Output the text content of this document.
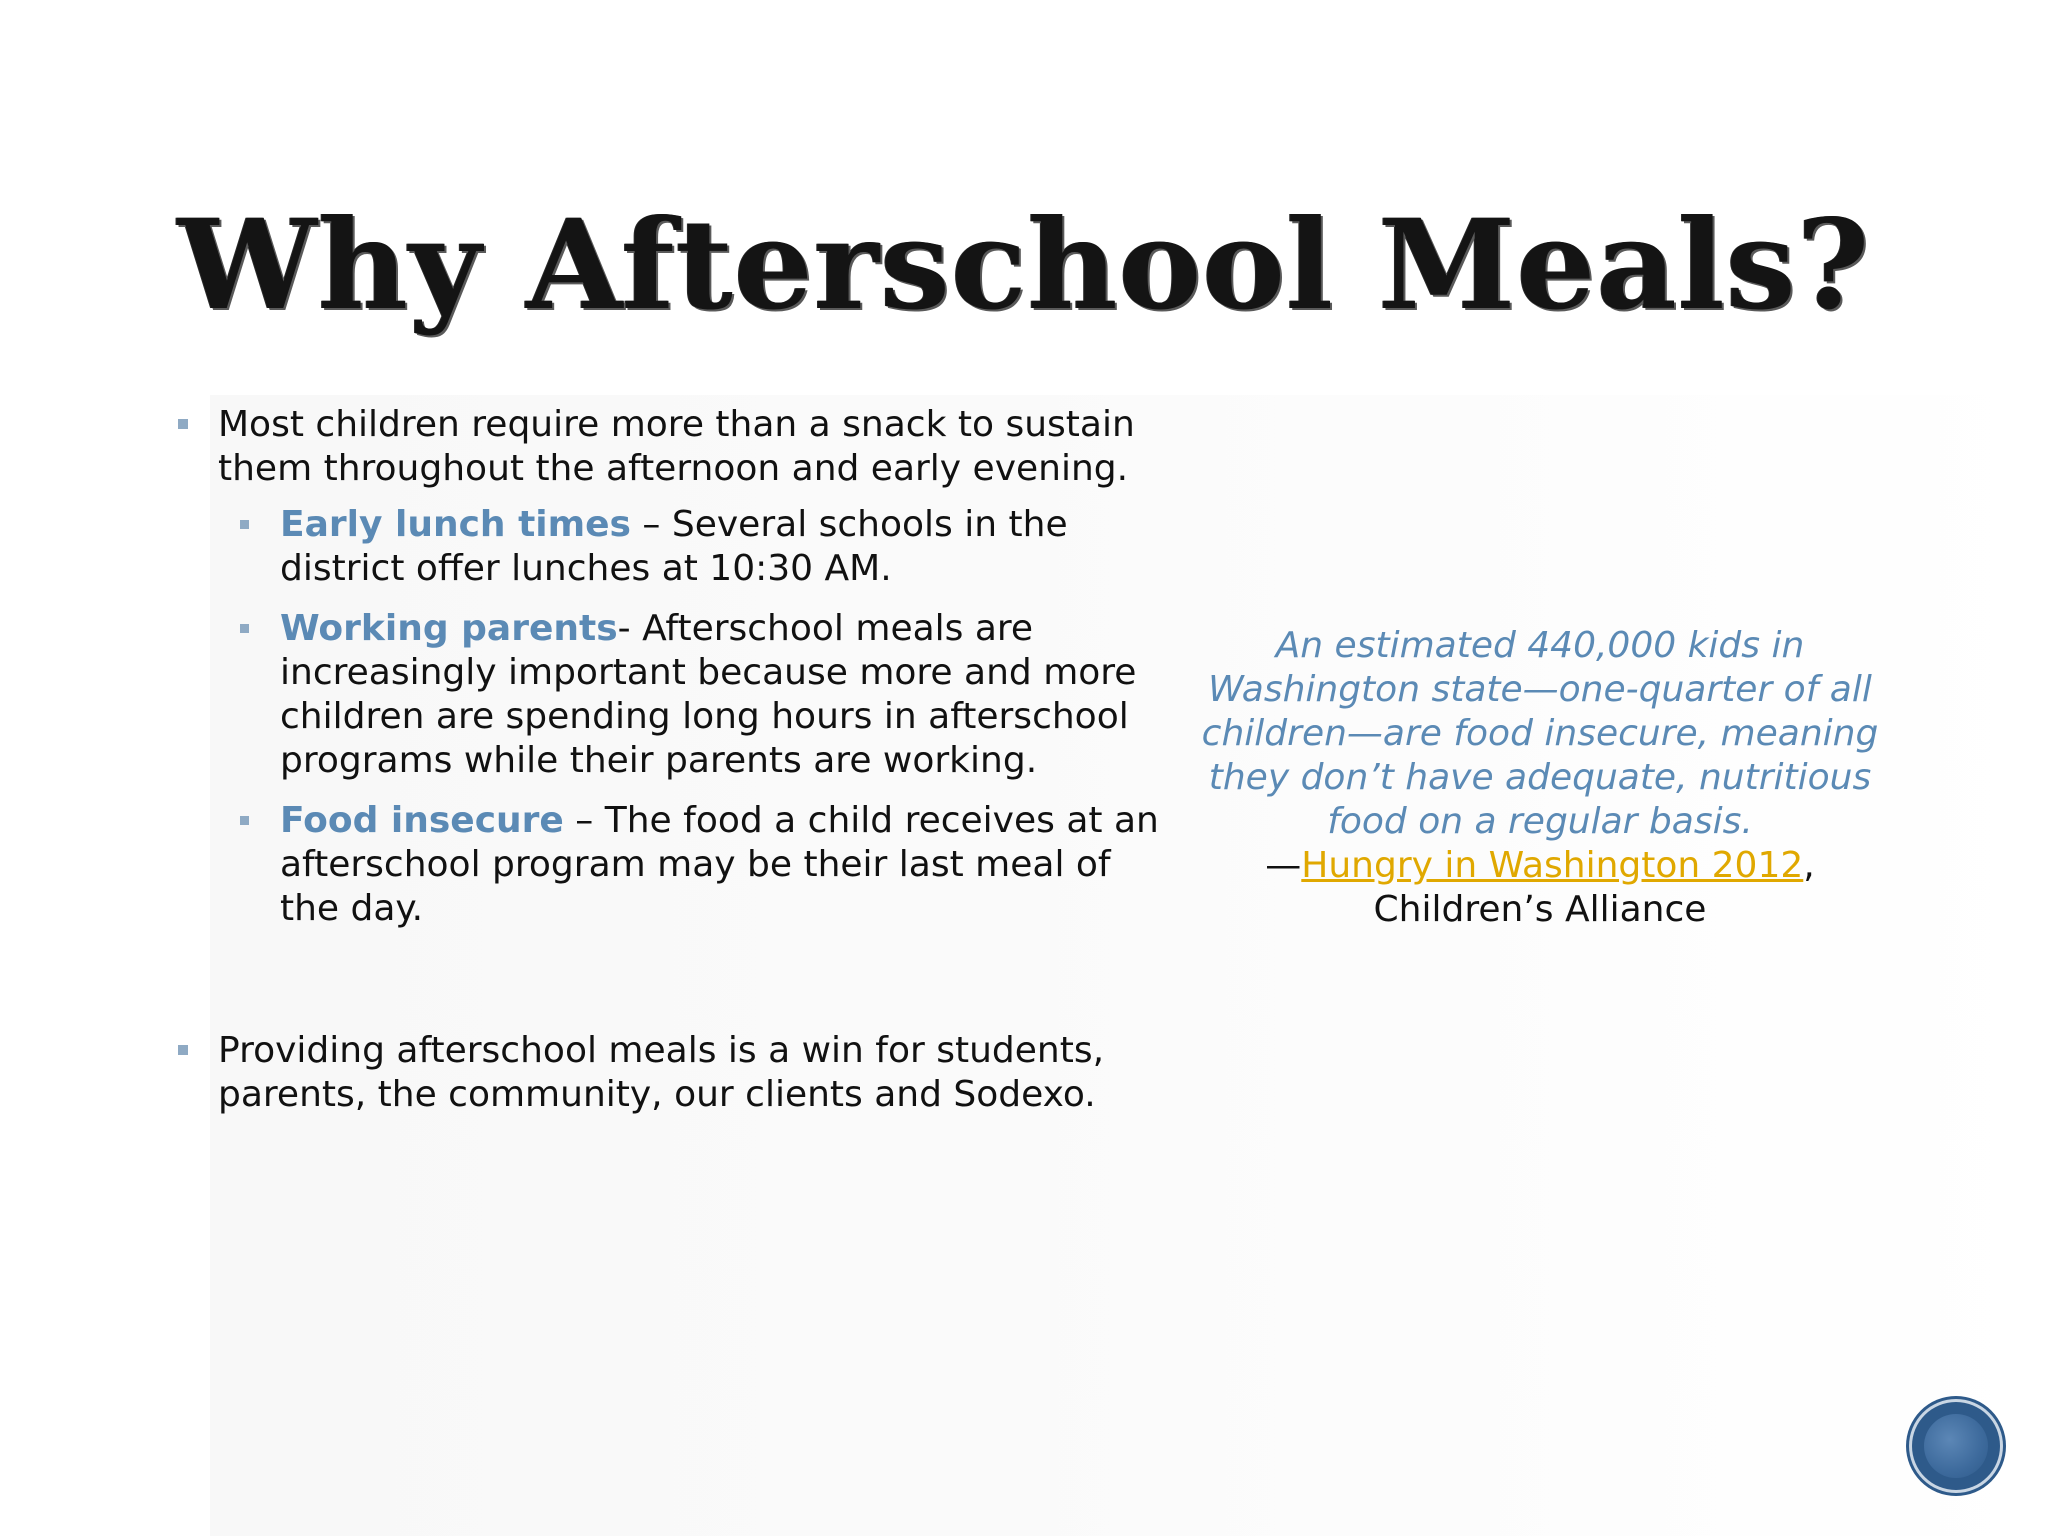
Why Afterschool Meals?
Most children require more than a snack to sustain them throughout the afternoon and early evening.
Early lunch times – Several schools in the district offer lunches at 10:30 AM.
Working parents- Afterschool meals are increasingly important because more and more children are spending long hours in afterschool programs while their parents are working.
Food insecure – The food a child receives at an afterschool program may be their last meal of the day.
Providing afterschool meals is a win for students, parents, the community, our clients and Sodexo.
An estimated 440,000 kids in Washington state—one-quarter of all children—are food insecure, meaning they don’t have adequate, nutritious food on a regular basis.
—Hungry in Washington 2012,
Children’s Alliance
